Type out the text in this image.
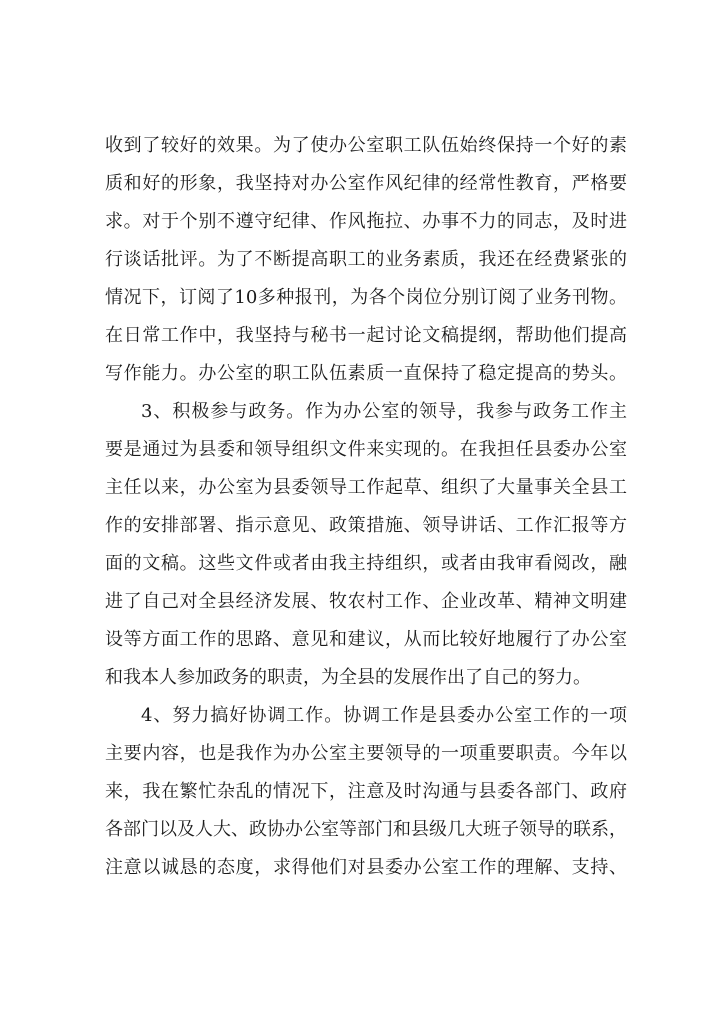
收到了较好的效果。为了使办公室职工队伍始终保持一个好的素
质和好的形象，我坚持对办公室作风纪律的经常性教育，严格要
求。对于个别不遵守纪律、作风拖拉、办事不力的同志，及时进
行谈话批评。为了不断提高职工的业务素质，我还在经费紧张的
情况下，订阅了10多种报刊，为各个岗位分别订阅了业务刊物。
在日常工作中，我坚持与秘书一起讨论文稿提纲，帮助他们提高
写作能力。办公室的职工队伍素质一直保持了稳定提高的势头。
3、积极参与政务。作为办公室的领导，我参与政务工作主
要是通过为县委和领导组织文件来实现的。在我担任县委办公室
主任以来，办公室为县委领导工作起草、组织了大量事关全县工
作的安排部署、指示意见、政策措施、领导讲话、工作汇报等方
面的文稿。这些文件或者由我主持组织，或者由我审看阅改，融
进了自己对全县经济发展、牧农村工作、企业改革、精神文明建
设等方面工作的思路、意见和建议，从而比较好地履行了办公室
和我本人参加政务的职责，为全县的发展作出了自己的努力。
4、努力搞好协调工作。协调工作是县委办公室工作的一项
主要内容，也是我作为办公室主要领导的一项重要职责。今年以
来，我在繁忙杂乱的情况下，注意及时沟通与县委各部门、政府
各部门以及人大、政协办公室等部门和县级几大班子领导的联系，
注意以诚恳的态度，求得他们对县委办公室工作的理解、支持、
